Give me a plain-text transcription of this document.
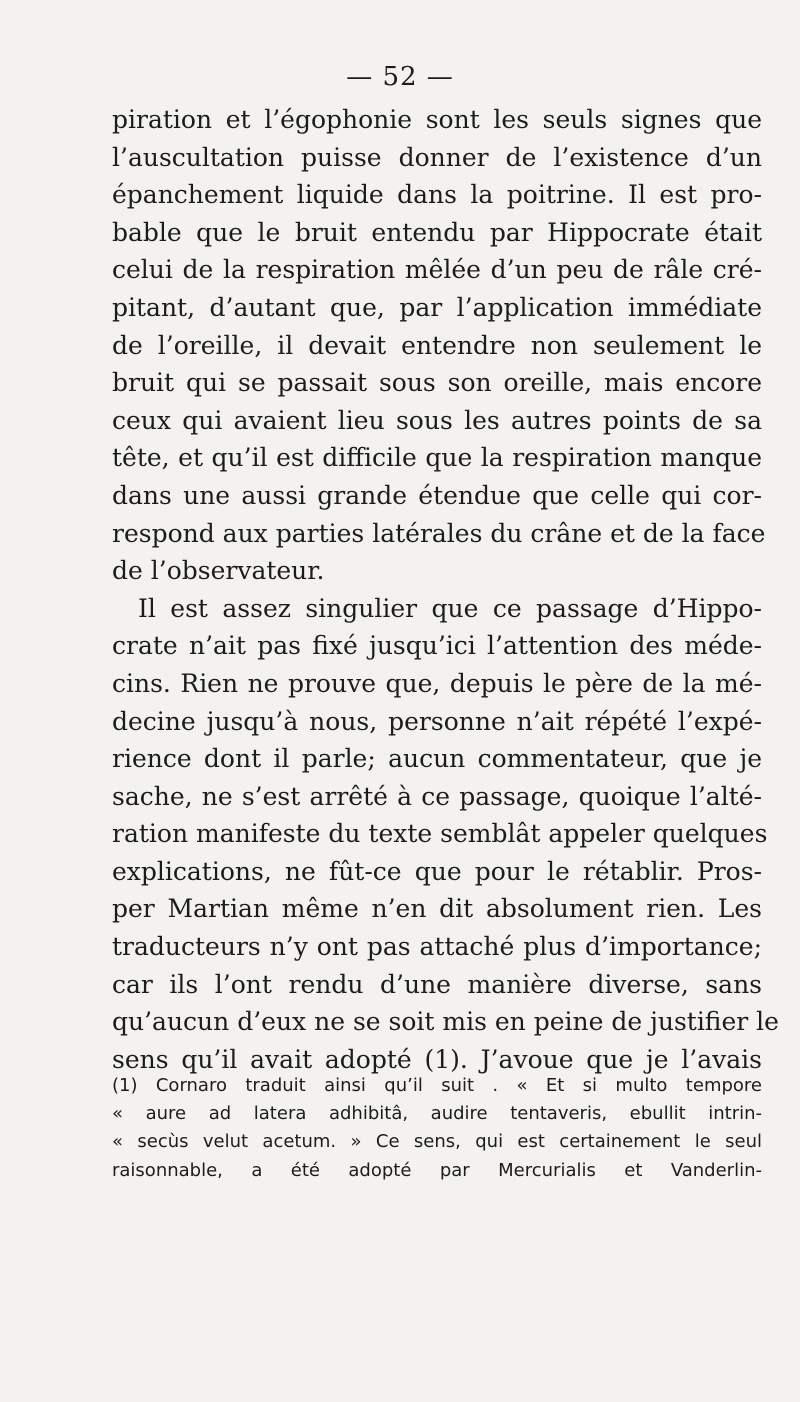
— 52 —
piration et l’égophonie sont les seuls signes que
l’auscultation puisse donner de l’existence d’un
épanchement liquide dans la poitrine. Il est pro-
bable que le bruit entendu par Hippocrate était
celui de la respiration mêlée d’un peu de râle cré-
pitant, d’autant que, par l’application immédiate
de l’oreille, il devait entendre non seulement le
bruit qui se passait sous son oreille, mais encore
ceux qui avaient lieu sous les autres points de sa
tête, et qu’il est difficile que la respiration manque
dans une aussi grande étendue que celle qui cor-
respond aux parties latérales du crâne et de la face
de l’observateur.
Il est assez singulier que ce passage d’Hippo-
crate n’ait pas fixé jusqu’ici l’attention des méde-
cins. Rien ne prouve que, depuis le père de la mé-
decine jusqu’à nous, personne n’ait répété l’expé-
rience dont il parle; aucun commentateur, que je
sache, ne s’est arrêté à ce passage, quoique l’alté-
ration manifeste du texte semblât appeler quelques
explications, ne fût-ce que pour le rétablir. Pros-
per Martian même n’en dit absolument rien. Les
traducteurs n’y ont pas attaché plus d’importance;
car ils l’ont rendu d’une manière diverse, sans
qu’aucun d’eux ne se soit mis en peine de justifier le
sens qu’il avait adopté (1). J’avoue que je l’avais
(1) Cornaro traduit ainsi qu’il suit . « Et si multo tempore
« aure ad latera adhibitâ, audire tentaveris, ebullit intrin-
« secùs velut acetum. » Ce sens, qui est certainement le seul
raisonnable, a été adopté par Mercurialis et Vanderlin-
